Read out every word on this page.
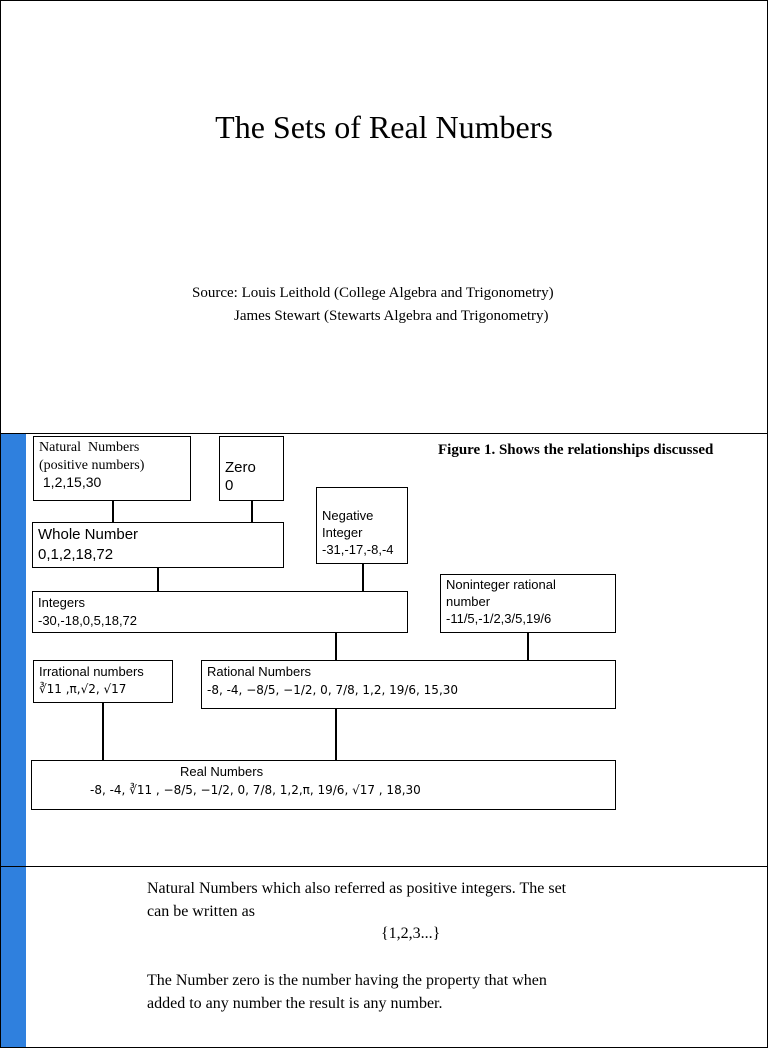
The Sets of Real Numbers
Source: Louis Leithold (College Algebra and Trigonometry)
James Stewart (Stewarts Algebra and Trigonometry)
Figure 1. Shows the relationships discussed
Natural  Numbers
(positive numbers)
1,2,15,30
Zero
0
Whole Number
0,1,2,18,72
Negative
Integer
-31,-17,-8,-4
Integers
-30,-18,0,5,18,72
Noninteger rational
number
-11/5,-1/2,3/5,19/6
Irrational numbers
∛11 ,π,√2, √17
Rational Numbers
-8, -4, −8/5, −1/2, 0, 7/8, 1,2, 19/6, 15,30
Real Numbers
-8, -4, ∛11 , −8/5, −1/2, 0, 7/8, 1,2,π, 19/6, √17 , 18,30
Natural Numbers which also referred as positive integers. The set
can be written as
{1,2,3...}
The Number zero is the number having the property that when
added to any number the result is any number.
